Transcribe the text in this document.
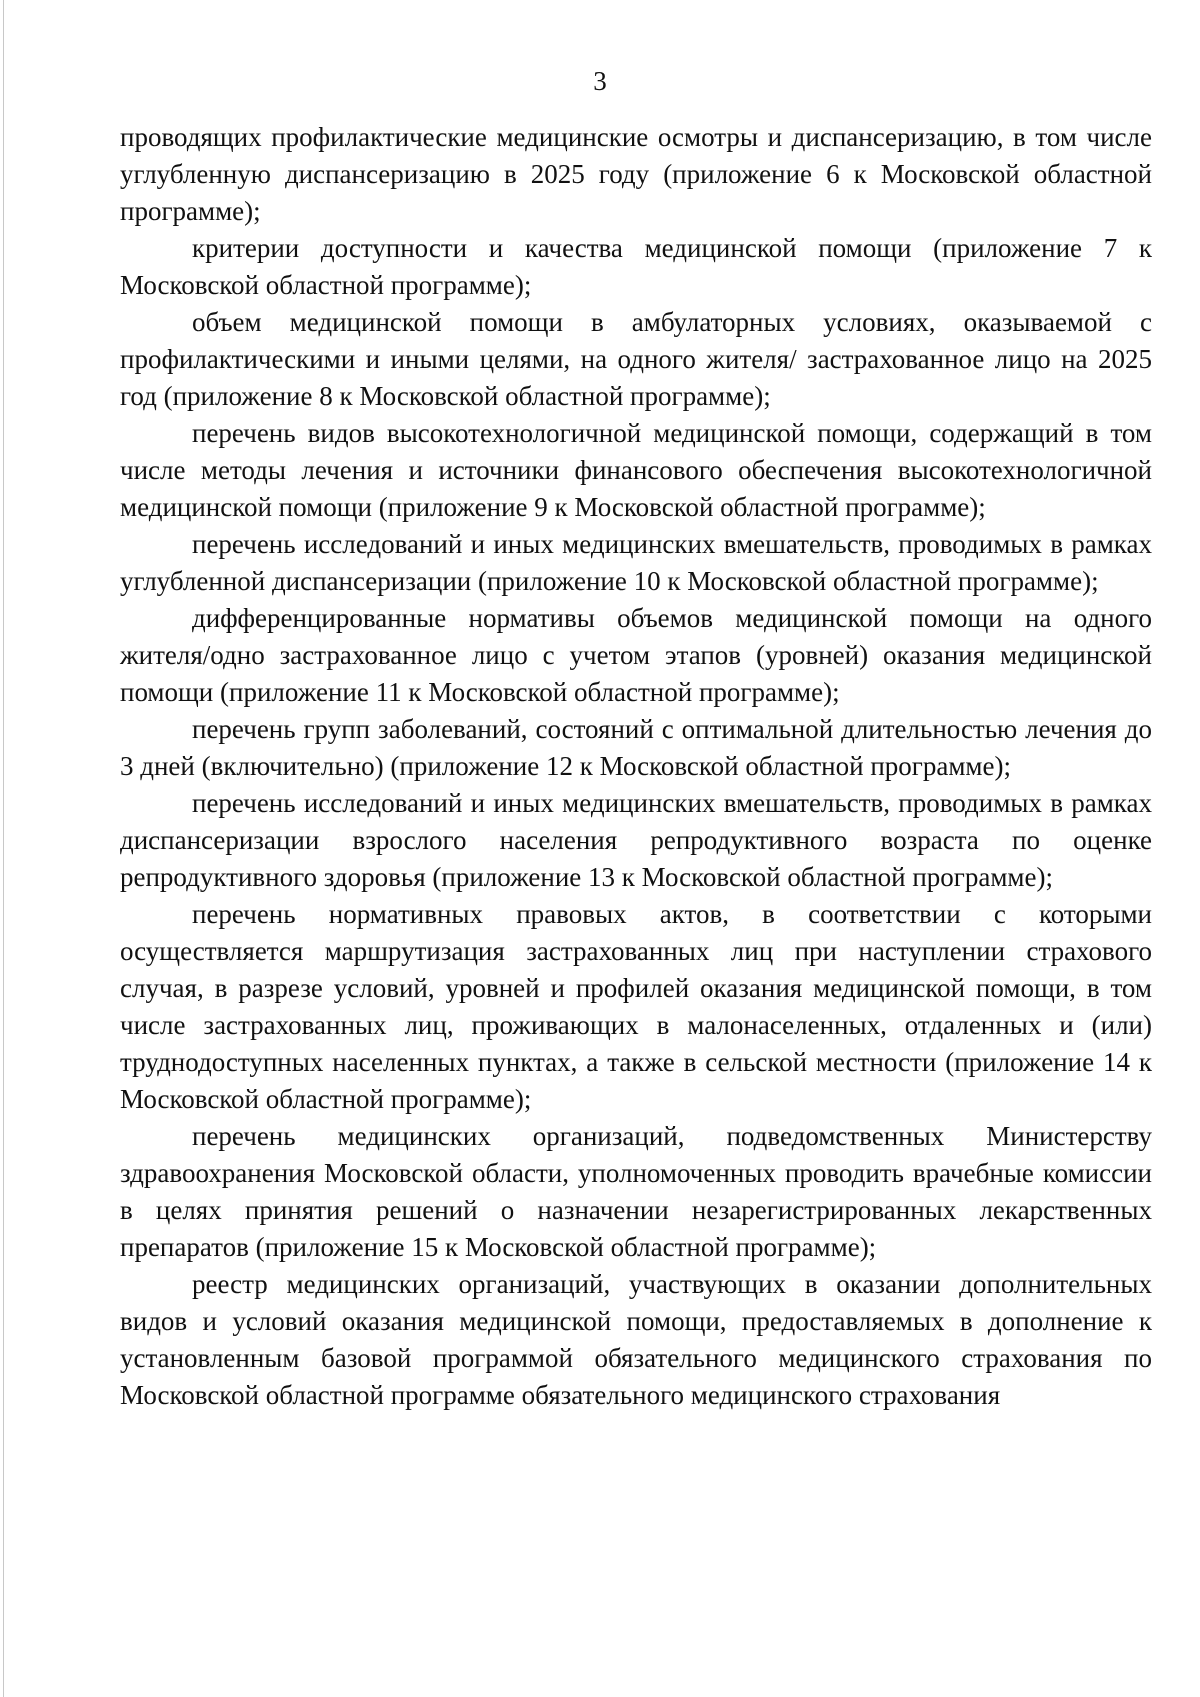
3

проводящих профилактические медицинские осмотры и диспансеризацию, в том числе углубленную диспансеризацию в 2025 году (приложение 6 к Московской областной программе);

критерии доступности и качества медицинской помощи (приложение 7 к Московской областной программе);

объем медицинской помощи в амбулаторных условиях, оказываемой с профилактическими и иными целями, на одного жителя/ застрахованное лицо на 2025 год (приложение 8 к Московской областной программе);

перечень видов высокотехнологичной медицинской помощи, содержащий в том числе методы лечения и источники финансового обеспечения высокотехнологичной медицинской помощи (приложение 9 к Московской областной программе);

перечень исследований и иных медицинских вмешательств, проводимых в рамках углубленной диспансеризации (приложение 10 к Московской областной программе);

дифференцированные нормативы объемов медицинской помощи на одного жителя/одно застрахованное лицо с учетом этапов (уровней) оказания медицинской помощи (приложение 11 к Московской областной программе);

перечень групп заболеваний, состояний с оптимальной длительностью лечения до 3 дней (включительно) (приложение 12 к Московской областной программе);

перечень исследований и иных медицинских вмешательств, проводимых в рамках диспансеризации взрослого населения репродуктивного возраста по оценке репродуктивного здоровья (приложение 13 к Московской областной программе);

перечень нормативных правовых актов, в соответствии с которыми осуществляется маршрутизация застрахованных лиц при наступлении страхового случая, в разрезе условий, уровней и профилей оказания медицинской помощи, в том числе застрахованных лиц, проживающих в малонаселенных, отдаленных и (или) труднодоступных населенных пунктах, а также в сельской местности (приложение 14 к Московской областной программе);

перечень медицинских организаций, подведомственных Министерству здравоохранения Московской области, уполномоченных проводить врачебные комиссии в целях принятия решений о назначении незарегистрированных лекарственных препаратов (приложение 15 к Московской областной программе);

реестр медицинских организаций, участвующих в оказании дополнительных видов и условий оказания медицинской помощи, предоставляемых в дополнение к установленным базовой программой обязательного медицинского страхования по Московской областной программе обязательного медицинского страхования
